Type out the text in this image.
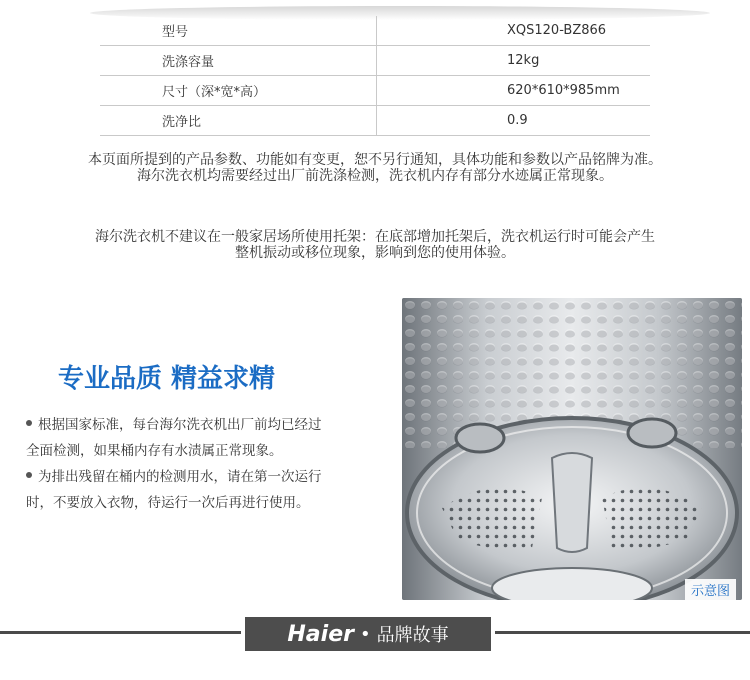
型号	XQS120-BZ866
洗涤容量	12kg
尺寸（深*宽*高）	620*610*985mm
洗净比	0.9
本页面所提到的产品参数、功能如有变更，恕不另行通知，具体功能和参数以产品铭牌为准。
海尔洗衣机均需要经过出厂前洗涤检测，洗衣机内存有部分水迹属正常现象。
海尔洗衣机不建议在一般家居场所使用托架：在底部增加托架后，洗衣机运行时可能会产生
整机振动或移位现象，影响到您的使用体验。
专业品质 精益求精
根据国家标准，每台海尔洗衣机出厂前均已经过
全面检测，如果桶内存有水渍属正常现象。
为排出残留在桶内的检测用水，请在第一次运行
时，不要放入衣物，待运行一次后再进行使用。
示意图
Haier • 品牌故事
